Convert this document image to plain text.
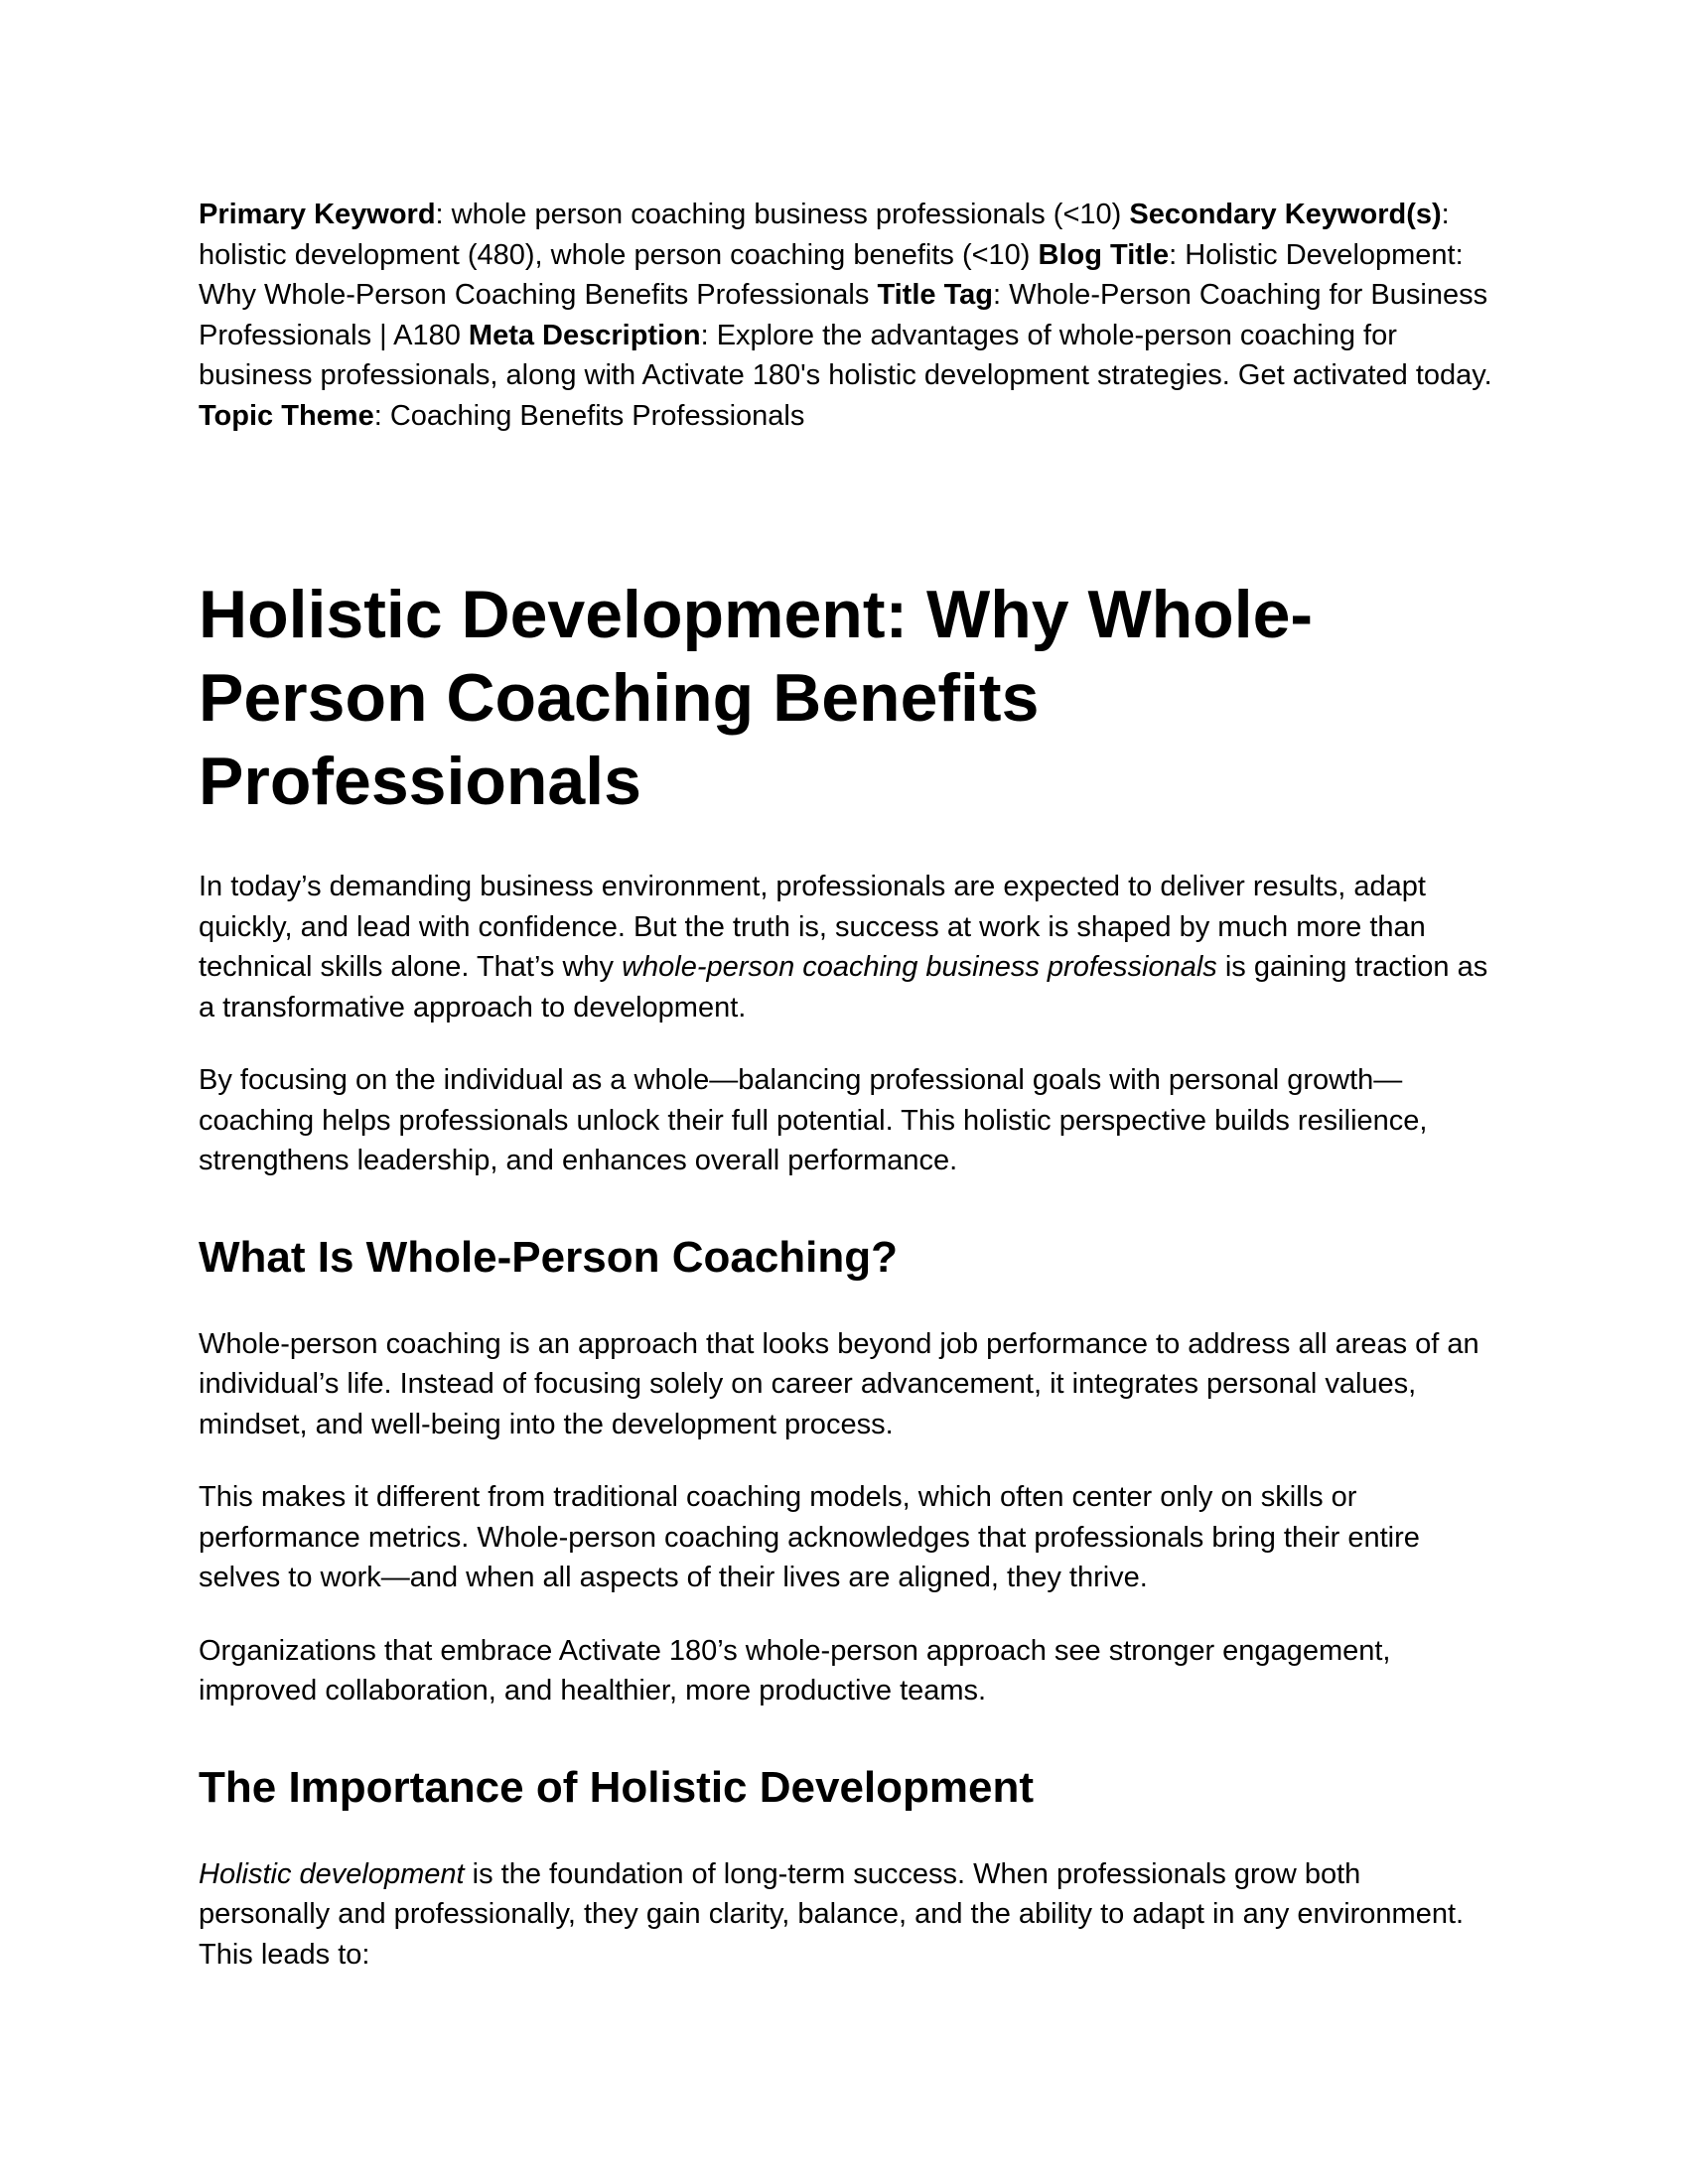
Primary Keyword: whole person coaching business professionals (<10) Secondary Keyword(s): holistic development (480), whole person coaching benefits (<10) Blog Title: Holistic Development: Why Whole-Person Coaching Benefits Professionals Title Tag: Whole-Person Coaching for Business Professionals | A180 Meta Description: Explore the advantages of whole-person coaching for business professionals, along with Activate 180's holistic development strategies. Get activated today. Topic Theme: Coaching Benefits Professionals

Holistic Development: Why Whole-Person Coaching Benefits Professionals

In today’s demanding business environment, professionals are expected to deliver results, adapt quickly, and lead with confidence. But the truth is, success at work is shaped by much more than technical skills alone. That’s why whole-person coaching business professionals is gaining traction as a transformative approach to development.

By focusing on the individual as a whole—balancing professional goals with personal growth—coaching helps professionals unlock their full potential. This holistic perspective builds resilience, strengthens leadership, and enhances overall performance.

What Is Whole-Person Coaching?

Whole-person coaching is an approach that looks beyond job performance to address all areas of an individual’s life. Instead of focusing solely on career advancement, it integrates personal values, mindset, and well-being into the development process.

This makes it different from traditional coaching models, which often center only on skills or performance metrics. Whole-person coaching acknowledges that professionals bring their entire selves to work—and when all aspects of their lives are aligned, they thrive.

Organizations that embrace Activate 180’s whole-person approach see stronger engagement, improved collaboration, and healthier, more productive teams.

The Importance of Holistic Development

Holistic development is the foundation of long-term success. When professionals grow both personally and professionally, they gain clarity, balance, and the ability to adapt in any environment. This leads to:
